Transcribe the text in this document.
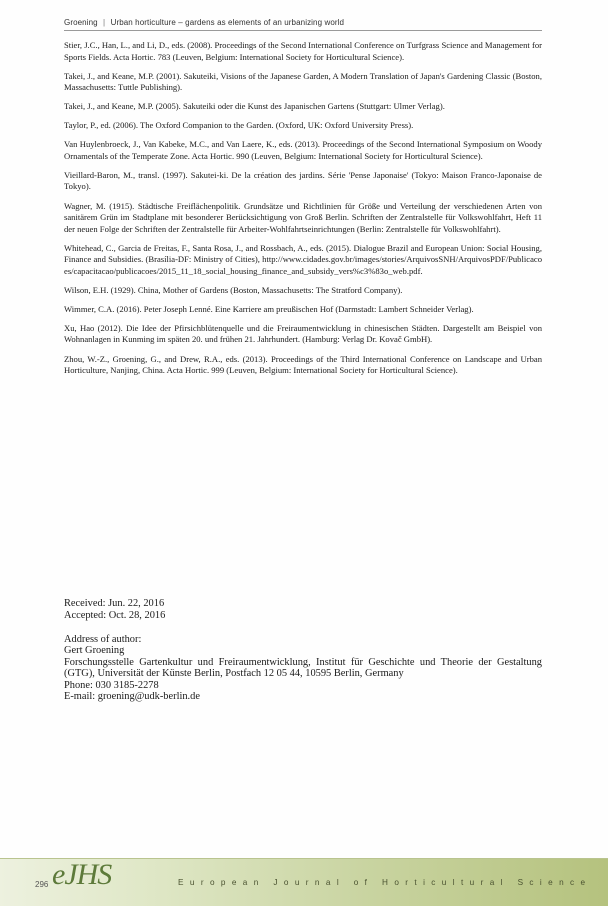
Groening | Urban horticulture – gardens as elements of an urbanizing world

Stier, J.C., Han, L., and Li, D., eds. (2008). Proceedings of the Second International Conference on Turfgrass Science and Management for Sports Fields. Acta Hortic. 783 (Leuven, Belgium: International Society for Horticultural Science).

Takei, J., and Keane, M.P. (2001). Sakuteiki, Visions of the Japanese Garden, A Modern Translation of Japan's Gardening Classic (Boston, Massachusetts: Tuttle Publishing).

Takei, J., and Keane, M.P. (2005). Sakuteiki oder die Kunst des Japanischen Gartens (Stuttgart: Ulmer Verlag).

Taylor, P., ed. (2006). The Oxford Companion to the Garden. (Oxford, UK: Oxford University Press).

Van Huylenbroeck, J., Van Kabeke, M.C., and Van Laere, K., eds. (2013). Proceedings of the Second International Symposium on Woody Ornamentals of the Temperate Zone. Acta Hortic. 990 (Leuven, Belgium: International Society for Horticultural Science).

Vieillard-Baron, M., transl. (1997). Sakutei-ki. De la création des jardins. Série 'Pense Japonaise' (Tokyo: Maison Franco-Japonaise de Tokyo).

Wagner, M. (1915). Städtische Freiflächenpolitik. Grundsätze und Richtlinien für Größe und Verteilung der verschiedenen Arten von sanitärem Grün im Stadtplane mit besonderer Berücksichtigung von Groß Berlin. Schriften der Zentralstelle für Volkswohlfahrt, Heft 11 der neuen Folge der Schriften der Zentralstelle für Arbeiter-Wohlfahrtseinrichtungen (Berlin: Zentralstelle für Volkswohlfahrt).

Whitehead, C., Garcia de Freitas, F., Santa Rosa, J., and Rossbach, A., eds. (2015). Dialogue Brazil and European Union: Social Housing, Finance and Subsidies. (Brasília-DF: Ministry of Cities), http://www.cidades.gov.br/images/stories/ArquivosSNH/ArquivosPDF/Publicacoes/capacitacao/publicacoes/2015_11_18_social_housing_finance_and_subsidy_vers%c3%83o_web.pdf.

Wilson, E.H. (1929). China, Mother of Gardens (Boston, Massachusetts: The Stratford Company).

Wimmer, C.A. (2016). Peter Joseph Lenné. Eine Karriere am preußischen Hof (Darmstadt: Lambert Schneider Verlag).

Xu, Hao (2012). Die Idee der Pfirsichblütenquelle und die Freiraumentwicklung in chinesischen Städten. Dargestellt am Beispiel von Wohnanlagen in Kunming im späten 20. und frühen 21. Jahrhundert. (Hamburg: Verlag Dr. Kovač GmbH).

Zhou, W.-Z., Groening, G., and Drew, R.A., eds. (2013). Proceedings of the Third International Conference on Landscape and Urban Horticulture, Nanjing, China. Acta Hortic. 999 (Leuven, Belgium: International Society for Horticultural Science).

Received: Jun. 22, 2016
Accepted: Oct. 28, 2016
Address of author:
Gert Groening
Forschungsstelle Gartenkultur und Freiraumentwicklung, Institut für Geschichte und Theorie der Gestaltung (GTG), Universität der Künste Berlin, Postfach 12 05 44, 10595 Berlin, Germany
Phone: 030 3185-2278
E-mail: groening@udk-berlin.de
296 eJHS	European Journal of Horticultural Science
